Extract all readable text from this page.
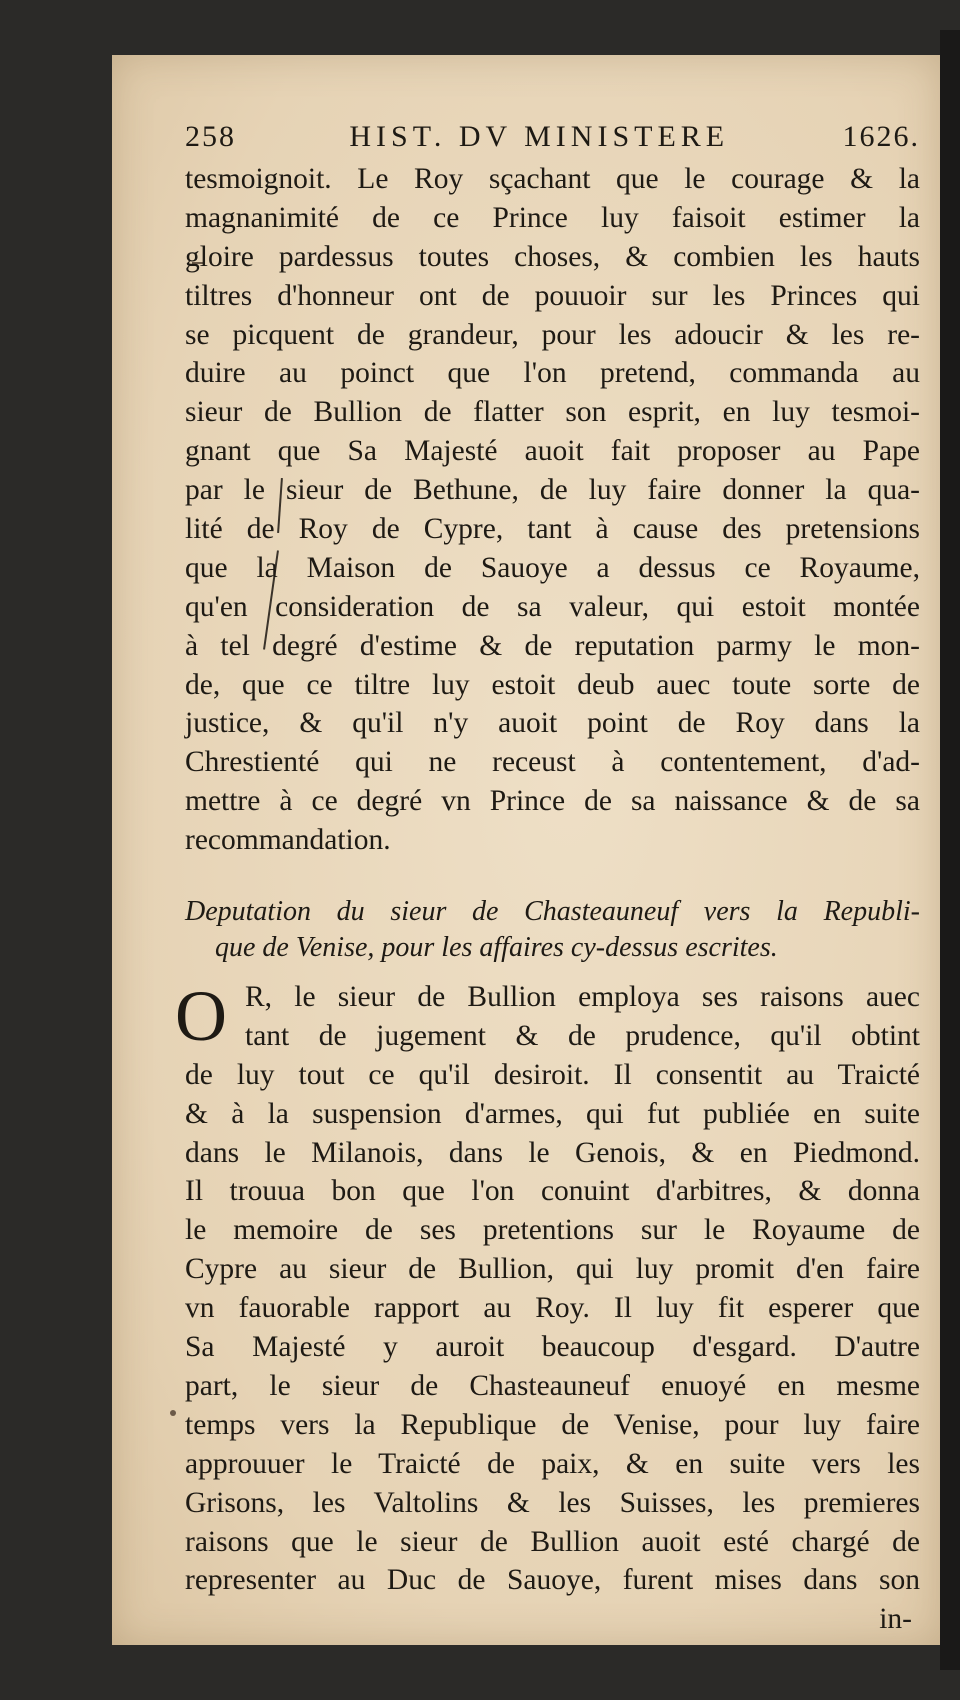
258	HIST. DV MINISTERE	1626.
tesmoignoit. Le Roy sçachant que le courage & la
magnanimité de ce Prince luy faisoit estimer la
gloire pardessus toutes choses, & combien les hauts
tiltres d'honneur ont de pouuoir sur les Princes qui
se picquent de grandeur, pour les adoucir & les re-
duire au poinct que l'on pretend, commanda au
sieur de Bullion de flatter son esprit, en luy tesmoi-
gnant que Sa Majesté auoit fait proposer au Pape
par le sieur de Bethune, de luy faire donner la qua-
lité de Roy de Cypre, tant à cause des pretensions
que la Maison de Sauoye a dessus ce Royaume,
qu'en consideration de sa valeur, qui estoit montée
à tel degré d'estime & de reputation parmy le mon-
de, que ce tiltre luy estoit deub auec toute sorte de
justice, & qu'il n'y auoit point de Roy dans la
Chrestienté qui ne receust à contentement, d'ad-
mettre à ce degré vn Prince de sa naissance & de sa
recommandation.
Deputation du sieur de Chasteauneuf vers la Republi-
que de Venise, pour les affaires cy-dessus escrites.
O R, le sieur de Bullion employa ses raisons auec
tant de jugement & de prudence, qu'il obtint
de luy tout ce qu'il desiroit. Il consentit au Traicté
& à la suspension d'armes, qui fut publiée en suite
dans le Milanois, dans le Genois, & en Piedmond.
Il trouua bon que l'on conuint d'arbitres, & donna
le memoire de ses pretentions sur le Royaume de
Cypre au sieur de Bullion, qui luy promit d'en faire
vn fauorable rapport au Roy. Il luy fit esperer que
Sa Majesté y auroit beaucoup d'esgard. D'autre
part, le sieur de Chasteauneuf enuoyé en mesme
temps vers la Republique de Venise, pour luy faire
approuuer le Traicté de paix, & en suite vers les
Grisons, les Valtolins & les Suisses, les premieres
raisons que le sieur de Bullion auoit esté chargé de
representer au Duc de Sauoye, furent mises dans son
in-
